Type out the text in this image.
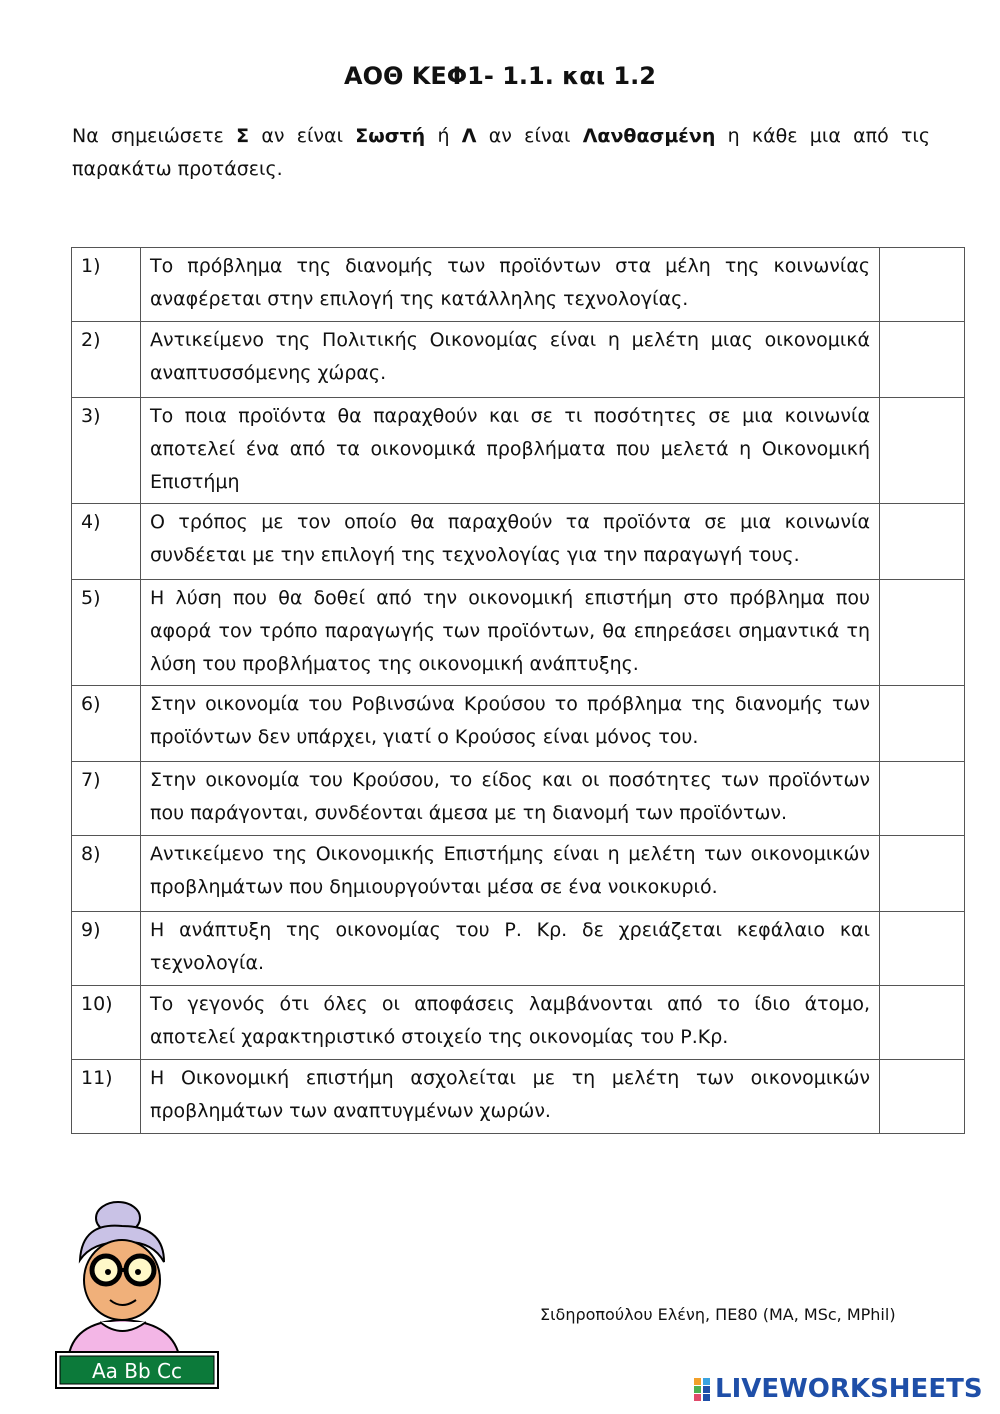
ΑΟΘ ΚΕΦ1- 1.1. και 1.2
Να σημειώσετε Σ αν είναι Σωστή ή Λ αν είναι Λανθασμένη η κάθε μια από τις παρακάτω προτάσεις.
1)	Το πρόβλημα της διανομής των προϊόντων στα μέλη της κοινωνίας αναφέρεται στην επιλογή της κατάλληλης τεχνολογίας.	
2)	Αντικείμενο της Πολιτικής Οικονομίας είναι η μελέτη μιας οικονομικά αναπτυσσόμενης χώρας.	
3)	Το ποια προϊόντα θα παραχθούν και σε τι ποσότητες σε μια κοινωνία αποτελεί ένα από τα οικονομικά προβλήματα που μελετά η Οικονομική Επιστήμη	
4)	Ο τρόπος με τον οποίο θα παραχθούν τα προϊόντα σε μια κοινωνία συνδέεται με την επιλογή της τεχνολογίας για την παραγωγή τους.	
5)	Η λύση που θα δοθεί από την οικονομική επιστήμη στο πρόβλημα που αφορά τον τρόπο παραγωγής των προϊόντων, θα επηρεάσει σημαντικά τη λύση του προβλήματος της οικονομική ανάπτυξης.	
6)	Στην οικονομία του Ροβινσώνα Κρούσου το πρόβλημα της διανομής των προϊόντων δεν υπάρχει, γιατί ο Κρούσος είναι μόνος του.	
7)	Στην οικονομία του Κρούσου, το είδος και οι ποσότητες των προϊόντων που παράγονται, συνδέονται άμεσα με τη διανομή των προϊόντων.	
8)	Αντικείμενο της Οικονομικής Επιστήμης είναι η μελέτη των οικονομικών προβλημάτων που δημιουργούνται μέσα σε ένα νοικοκυριό.	
9)	Η ανάπτυξη της οικονομίας του Ρ. Κρ. δε χρειάζεται κεφάλαιο και τεχνολογία.	
10)	Το γεγονός ότι όλες οι αποφάσεις λαμβάνονται από το ίδιο άτομο, αποτελεί χαρακτηριστικό στοιχείο της οικονομίας του Ρ.Κρ.	
11)	Η Οικονομική επιστήμη ασχολείται με τη μελέτη των οικονομικών προβλημάτων των αναπτυγμένων χωρών.	
Aa Bb Cc
Σιδηροπούλου Ελένη, ΠΕ80 (MA, MSc, MPhil)
LIVEWORKSHEETS
